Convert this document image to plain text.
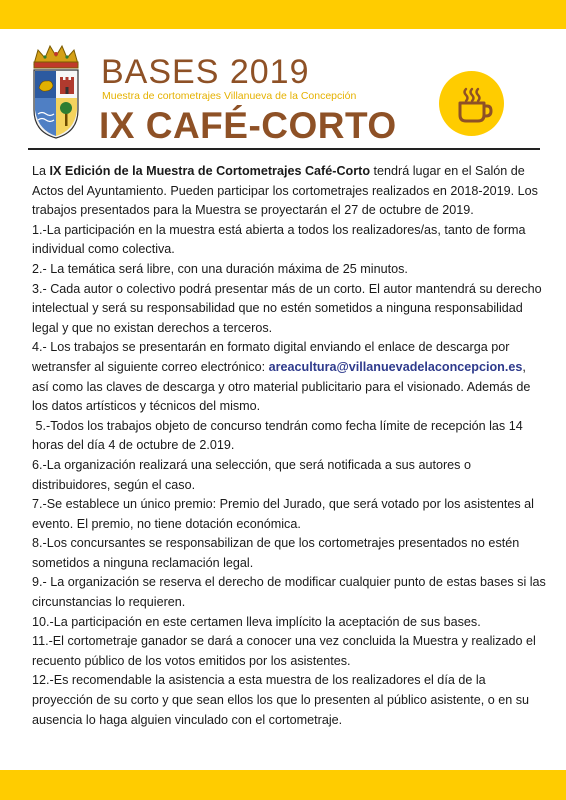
BASES 2019
Muestra de cortometrajes Villanueva de la Concepción
IX CAFÉ-CORTO

La IX Edición de la Muestra de Cortometrajes Café-Corto tendrá lugar en el Salón de Actos del Ayuntamiento. Pueden participar los cortometrajes realizados en 2018-2019. Los trabajos presentados para la Muestra se proyectarán el 27 de octubre de 2019.

1.-La participación en la muestra está abierta a todos los realizadores/as, tanto de forma individual como colectiva.

2.- La temática será libre, con una duración máxima de 25 minutos.

3.- Cada autor o colectivo podrá presentar más de un corto. El autor mantendrá su derecho intelectual y será su responsabilidad que no estén sometidos a ninguna responsabilidad legal y que no existan derechos a terceros.

4.- Los trabajos se presentarán en formato digital enviando el enlace de descarga por wetransfer al siguiente correo electrónico: areacultura@villanuevadelaconcepcion.es, así como las claves de descarga y otro material publicitario para el visionado. Además de los datos artísticos y técnicos del mismo.

5.-Todos los trabajos objeto de concurso tendrán como fecha límite de recepción las 14 horas del día 4 de octubre de 2.019.

6.-La organización realizará una selección, que será notificada a sus autores o distribuidores, según el caso.

7.-Se establece un único premio: Premio del Jurado, que será votado por los asistentes al evento. El premio, no tiene dotación económica.

8.-Los concursantes se responsabilizan de que los cortometrajes presentados no estén sometidos a ninguna reclamación legal.

9.- La organización se reserva el derecho de modificar cualquier punto de estas bases si las circunstancias lo requieren.

10.-La participación en este certamen lleva implícito la aceptación de sus bases.

11.-El cortometraje ganador se dará a conocer una vez concluida la Muestra y realizado el recuento público de los votos emitidos por los asistentes.

12.-Es recomendable la asistencia a esta muestra de los realizadores el día de la proyección de su corto y que sean ellos los que lo presenten al público asistente, o en su ausencia lo haga alguien vinculado con el cortometraje.
